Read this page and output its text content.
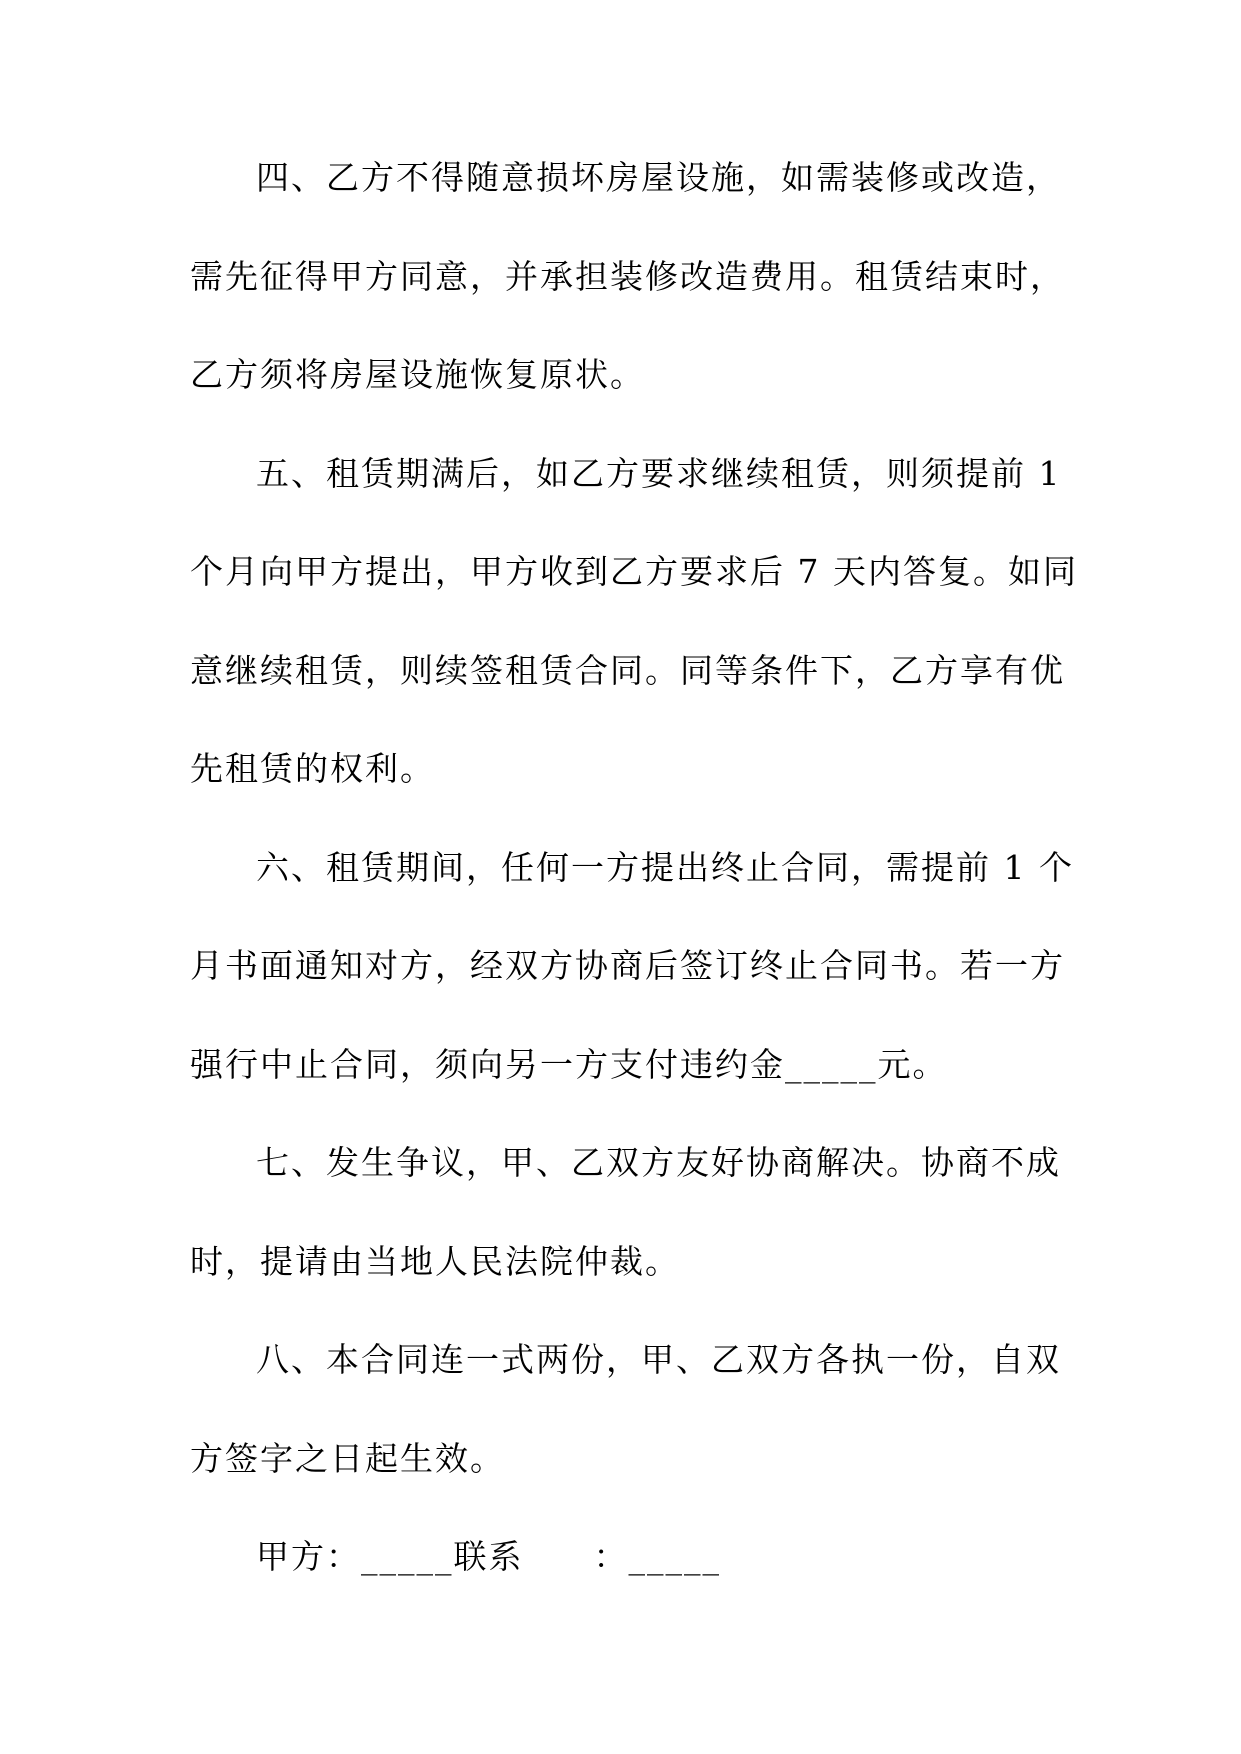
四、乙方不得随意损坏房屋设施，如需装修或改造，
需先征得甲方同意，并承担装修改造费用。租赁结束时，
乙方须将房屋设施恢复原状。
五、租赁期满后，如乙方要求继续租赁，则须提前 1
个月向甲方提出，甲方收到乙方要求后 7 天内答复。如同
意继续租赁，则续签租赁合同。同等条件下，乙方享有优
先租赁的权利。
六、租赁期间，任何一方提出终止合同，需提前 1 个
月书面通知对方，经双方协商后签订终止合同书。若一方
强行中止合同，须向另一方支付违约金_____元。
七、发生争议，甲、乙双方友好协商解决。协商不成
时，提请由当地人民法院仲裁。
八、本合同连一式两份，甲、乙双方各执一份，自双
方签字之日起生效。
甲方：_____联系　　：_____
